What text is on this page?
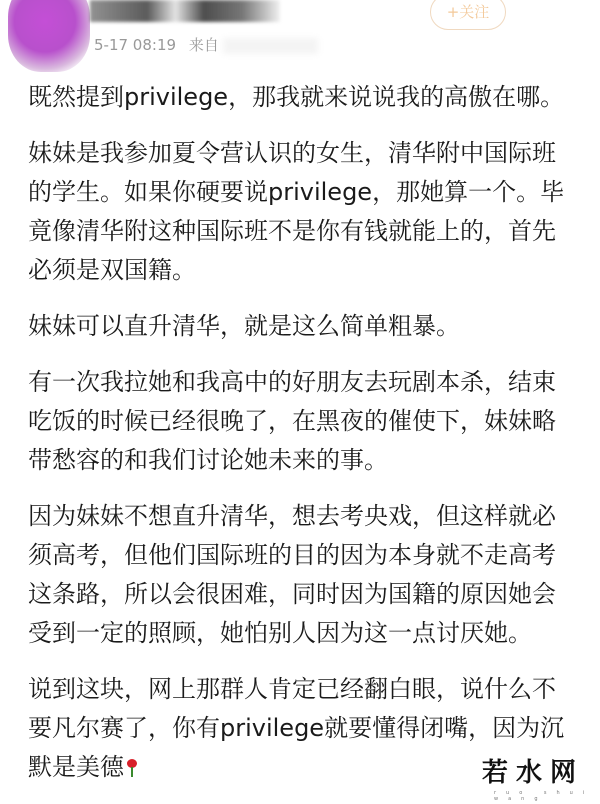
5-17 08:19 来自
+关注
既然提到privilege，那我就来说说我的高傲在哪。
妹妹是我参加夏令营认识的女生，清华附中国际班
的学生。如果你硬要说privilege，那她算一个。毕
竟像清华附这种国际班不是你有钱就能上的，首先
必须是双国籍。
妹妹可以直升清华，就是这么简单粗暴。
有一次我拉她和我高中的好朋友去玩剧本杀，结束
吃饭的时候已经很晚了，在黑夜的催使下，妹妹略
带愁容的和我们讨论她未来的事。
因为妹妹不想直升清华，想去考央戏，但这样就必
须高考，但他们国际班的目的因为本身就不走高考
这条路，所以会很困难，同时因为国籍的原因她会
受到一定的照顾，她怕别人因为这一点讨厌她。
说到这块，网上那群人肯定已经翻白眼，说什么不
要凡尔赛了，你有privilege就要懂得闭嘴，因为沉
默是美德	若水网
ruo shui wang
